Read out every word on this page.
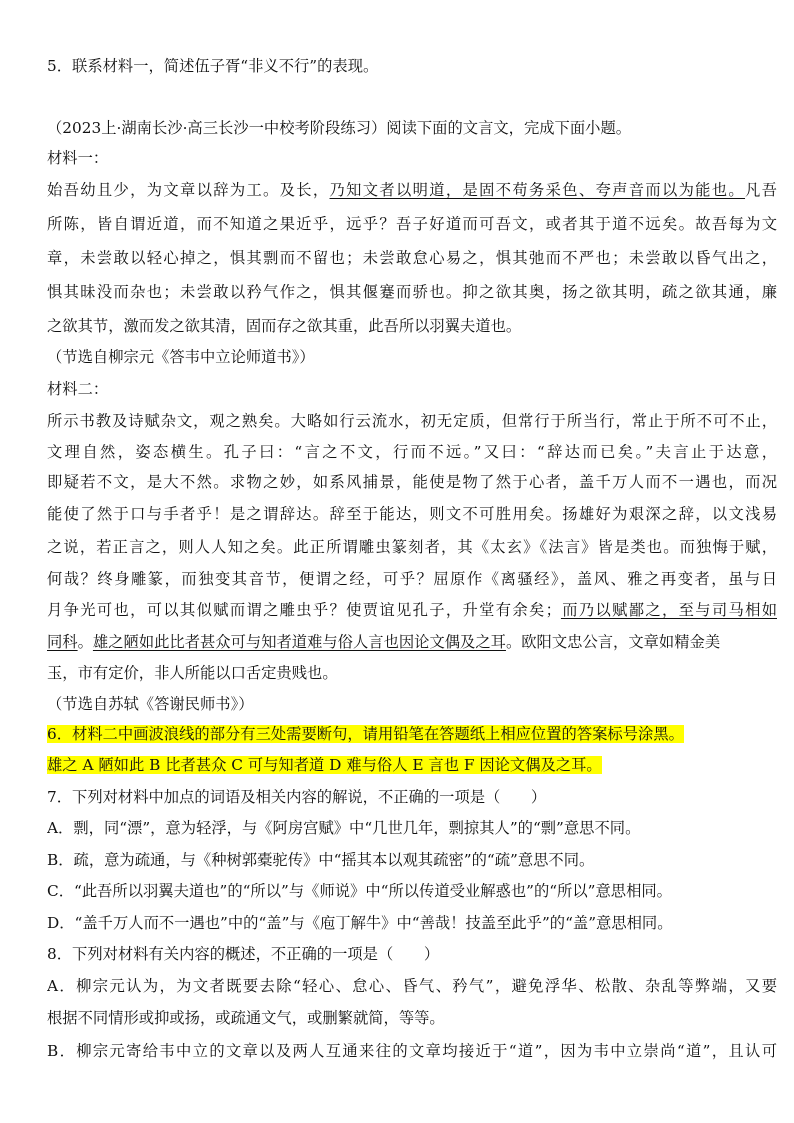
5．联系材料一，简述伍子胥“非义不行”的表现。
（2023上·湖南长沙·高三长沙一中校考阶段练习）阅读下面的文言文，完成下面小题。
材料一：
始吾幼且少，为文章以辞为工。及长，乃知文者以明道，是固不苟务采色、夸声音而以为能也。凡吾
所陈，皆自谓近道，而不知道之果近乎，远乎？吾子好道而可吾文，或者其于道不远矣。故吾每为文
章，未尝敢以轻心掉之，惧其剽而不留也；未尝敢怠心易之，惧其弛而不严也；未尝敢以昏气出之，
惧其昧没而杂也；未尝敢以矜气作之，惧其偃蹇而骄也。抑之欲其奥，扬之欲其明，疏之欲其通，廉
之欲其节，激而发之欲其清，固而存之欲其重，此吾所以羽翼夫道也。
（节选自柳宗元《答韦中立论师道书》）
材料二：
所示书教及诗赋杂文，观之熟矣。大略如行云流水，初无定质，但常行于所当行，常止于所不可不止，
文理自然，姿态横生。孔子曰：“言之不文，行而不远。”又曰：“辞达而已矣。”夫言止于达意，
即疑若不文，是大不然。求物之妙，如系风捕景，能使是物了然于心者，盖千万人而不一遇也，而况
能使了然于口与手者乎！是之谓辞达。辞至于能达，则文不可胜用矣。扬雄好为艰深之辞，以文浅易
之说，若正言之，则人人知之矣。此正所谓雕虫篆刻者，其《太玄》《法言》皆是类也。而独悔于赋，
何哉？终身雕篆，而独变其音节，便谓之经，可乎？屈原作《离骚经》，盖风、雅之再变者，虽与日
月争光可也，可以其似赋而谓之雕虫乎？使贾谊见孔子，升堂有余矣；而乃以赋鄙之，至与司马相如
同科。雄之陋如此比者甚众可与知者道难与俗人言也因论文偶及之耳。欧阳文忠公言，文章如精金美
玉，市有定价，非人所能以口舌定贵贱也。
（节选自苏轼《答谢民师书》）
6．材料二中画波浪线的部分有三处需要断句，请用铅笔在答题纸上相应位置的答案标号涂黑。
雄之 A 陋如此 B 比者甚众 C 可与知者道 D 难与俗人 E 言也 F 因论文偶及之耳。
7．下列对材料中加点的词语及相关内容的解说，不正确的一项是（　　）
A．剽，同“漂”，意为轻浮，与《阿房宫赋》中“几世几年，剽掠其人”的“剽”意思不同。
B．疏，意为疏通，与《种树郭橐驼传》中“摇其本以观其疏密”的“疏”意思不同。
C．“此吾所以羽翼夫道也”的“所以”与《师说》中“所以传道受业解惑也”的“所以”意思相同。
D．“盖千万人而不一遇也”中的“盖”与《庖丁解牛》中“善哉！技盖至此乎”的“盖”意思相同。
8．下列对材料有关内容的概述，不正确的一项是（　　）
A．柳宗元认为，为文者既要去除“轻心、怠心、昏气、矜气”，避免浮华、松散、杂乱等弊端，又要
根据不同情形或抑或扬，或疏通文气，或删繁就简，等等。
B．柳宗元寄给韦中立的文章以及两人互通来往的文章均接近于“道”，因为韦中立崇尚“道”，且认可
